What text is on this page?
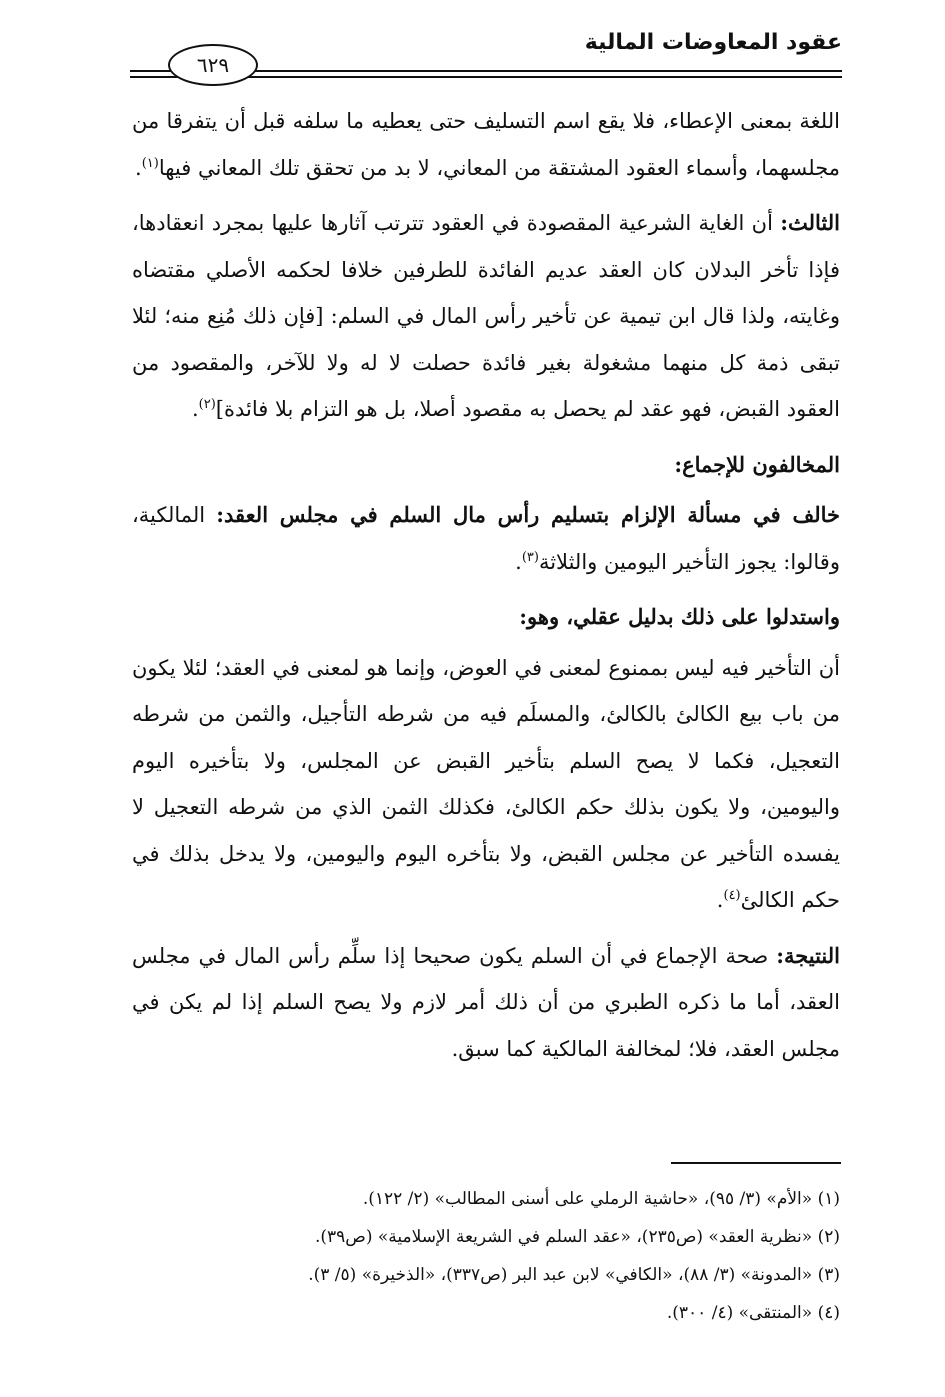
عقود المعاوضات المالية
٦٢٩

اللغة بمعنى الإعطاء، فلا يقع اسم التسليف حتى يعطيه ما سلفه قبل أن يتفرقا من مجلسهما، وأسماء العقود المشتقة من المعاني، لا بد من تحقق تلك المعاني فيها$^{(١)}$.

الثالث: أن الغاية الشرعية المقصودة في العقود تترتب آثارها عليها بمجرد انعقادها، فإذا تأخر البدلان كان العقد عديم الفائدة للطرفين خلافا لحكمه الأصلي مقتضاه وغايته، ولذا قال ابن تيمية عن تأخير رأس المال في السلم: [فإن ذلك مُنِع منه؛ لئلا تبقى ذمة كل منهما مشغولة بغير فائدة حصلت لا له ولا للآخر، والمقصود من العقود القبض، فهو عقد لم يحصل به مقصود أصلا، بل هو التزام بلا فائدة]$^{(٢)}$.

المخالفون للإجماع:

خالف في مسألة الإلزام بتسليم رأس مال السلم في مجلس العقد: المالكية، وقالوا: يجوز التأخير اليومين والثلاثة$^{(٣)}$.

واستدلوا على ذلك بدليل عقلي، وهو:

أن التأخير فيه ليس بممنوع لمعنى في العوض، وإنما هو لمعنى في العقد؛ لئلا يكون من باب بيع الكالئ بالكالئ، والمسلَم فيه من شرطه التأجيل، والثمن من شرطه التعجيل، فكما لا يصح السلم بتأخير القبض عن المجلس، ولا بتأخيره اليوم واليومين، ولا يكون بذلك حكم الكالئ، فكذلك الثمن الذي من شرطه التعجيل لا يفسده التأخير عن مجلس القبض، ولا بتأخره اليوم واليومين، ولا يدخل بذلك في حكم الكالئ$^{(٤)}$.

النتيجة: صحة الإجماع في أن السلم يكون صحيحا إذا سلِّم رأس المال في مجلس العقد، أما ما ذكره الطبري من أن ذلك أمر لازم ولا يصح السلم إذا لم يكن في مجلس العقد، فلا؛ لمخالفة المالكية كما سبق.

(١) «الأم» (٣/ ٩٥)، «حاشية الرملي على أسنى المطالب» (٢/ ١٢٢).
(٢) «نظرية العقد» (ص٢٣٥)، «عقد السلم في الشريعة الإسلامية» (ص٣٩).
(٣) «المدونة» (٣/ ٨٨)، «الكافي» لابن عبد البر (ص٣٣٧)، «الذخيرة» (٥/ ٣).
(٤) «المنتقى» (٤/ ٣٠٠).
